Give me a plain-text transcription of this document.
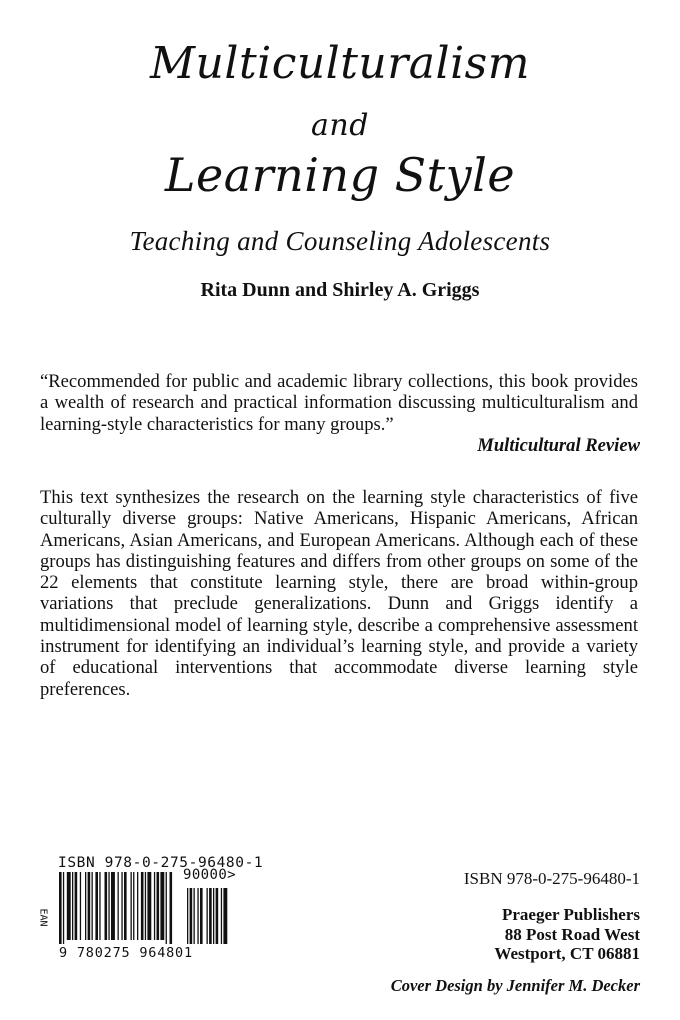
Multiculturalism
and
Learning Style
Teaching and Counseling Adolescents
Rita Dunn and Shirley A. Griggs
“Recommended for public and academic library collections, this book provides a wealth of research and practical information discussing multiculturalism and learning-style characteristics for many groups.”
Multicultural Review
This text synthesizes the research on the learning style characteristics of five culturally diverse groups: Native Americans, Hispanic Americans, African Americans, Asian Americans, and European Americans. Although each of these groups has distinguishing features and differs from other groups on some of the 22 elements that constitute learning style, there are broad within-group variations that preclude generalizations. Dunn and Griggs identify a multidimensional model of learning style, describe a comprehensive assessment instrument for identifying an individual’s learning style, and provide a variety of educational interventions that accommodate diverse learning style preferences.
ISBN 978-0-275-96480-1
90000>
EAN
9 780275 964801
ISBN 978-0-275-96480-1
Praeger Publishers
88 Post Road West
Westport, CT 06881
Cover Design by Jennifer M. Decker
